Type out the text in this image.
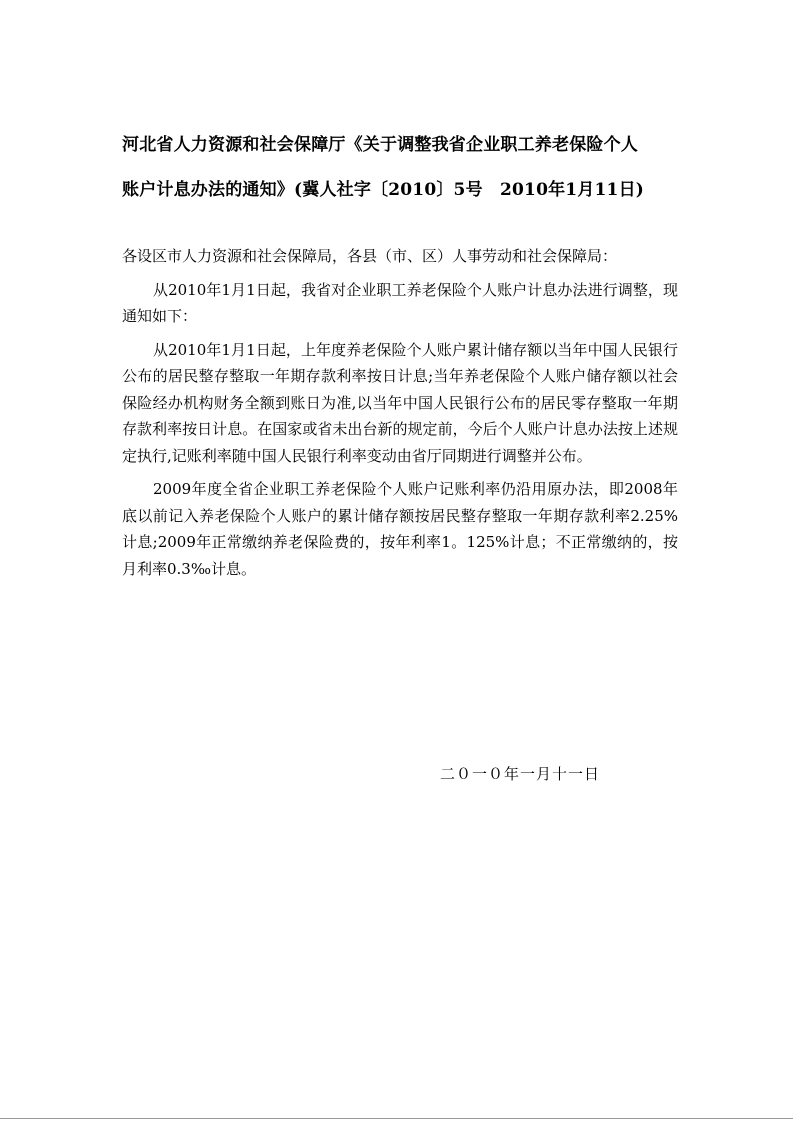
河北省人力资源和社会保障厅《关于调整我省企业职工养老保险个人
账户计息办法的通知》(冀人社字〔2010〕5号　2010年1月11日)

各设区市人力资源和社会保障局，各县（市、区）人事劳动和社会保障局：

从2010年1月1日起，我省对企业职工养老保险个人账户计息办法进行调整，现通知如下：

从2010年1月1日起，上年度养老保险个人账户累计储存额以当年中国人民银行公布的居民整存整取一年期存款利率按日计息;当年养老保险个人账户储存额以社会保险经办机构财务全额到账日为准,以当年中国人民银行公布的居民零存整取一年期存款利率按日计息。在国家或省未出台新的规定前，今后个人账户计息办法按上述规定执行,记账利率随中国人民银行利率变动由省厅同期进行调整并公布。

2009年度全省企业职工养老保险个人账户记账利率仍沿用原办法，即2008年底以前记入养老保险个人账户的累计储存额按居民整存整取一年期存款利率2.25%计息;2009年正常缴纳养老保险费的，按年利率1。125%计息；不正常缴纳的，按月利率0.3‰计息。

二０一０年一月十一日
